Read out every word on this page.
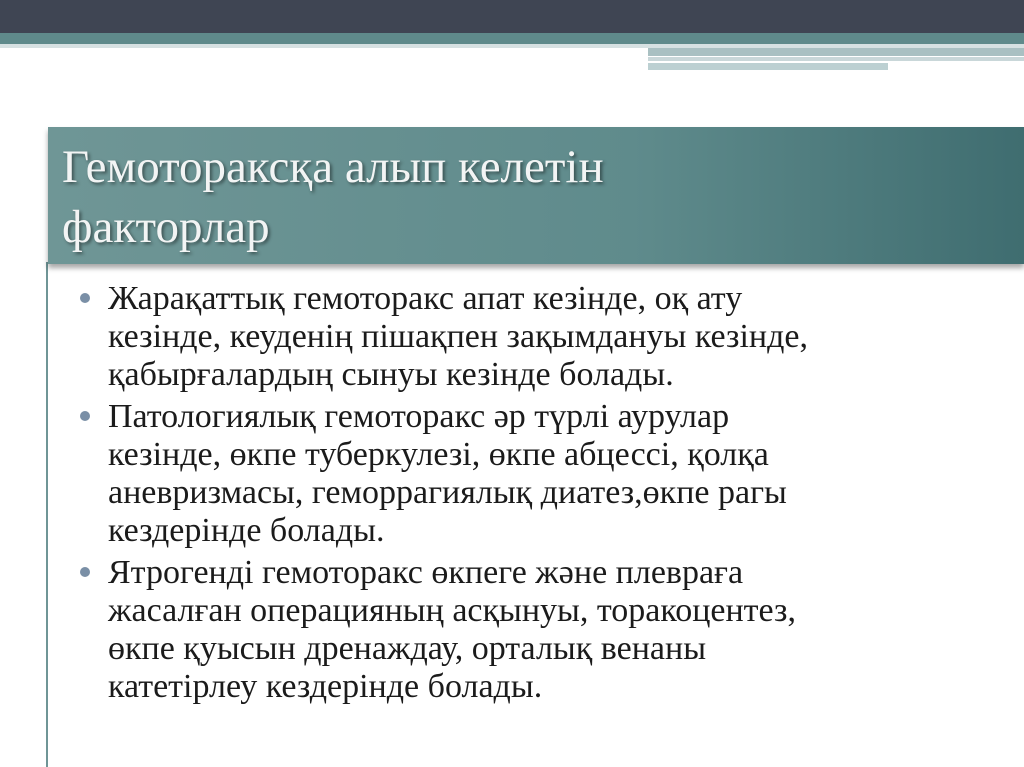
Гемотораксқа алып келетін
факторлар
Жарақаттық гемоторакс апат кезінде, оқ ату
кезінде, кеуденің пішақпен зақымдануы кезінде,
қабырғалардың сынуы кезінде болады.
Патологиялық гемоторакс әр түрлі аурулар
кезінде, өкпе туберкулезі, өкпе абцессі, қолқа
аневризмасы, геморрагиялық диатез,өкпе рагы
кездерінде болады.
Ятрогенді гемоторакс өкпеге және плевраға
жасалған операцияның асқынуы, торакоцентез,
өкпе қуысын дренаждау, орталық венаны
катетірлеу кездерінде болады.
